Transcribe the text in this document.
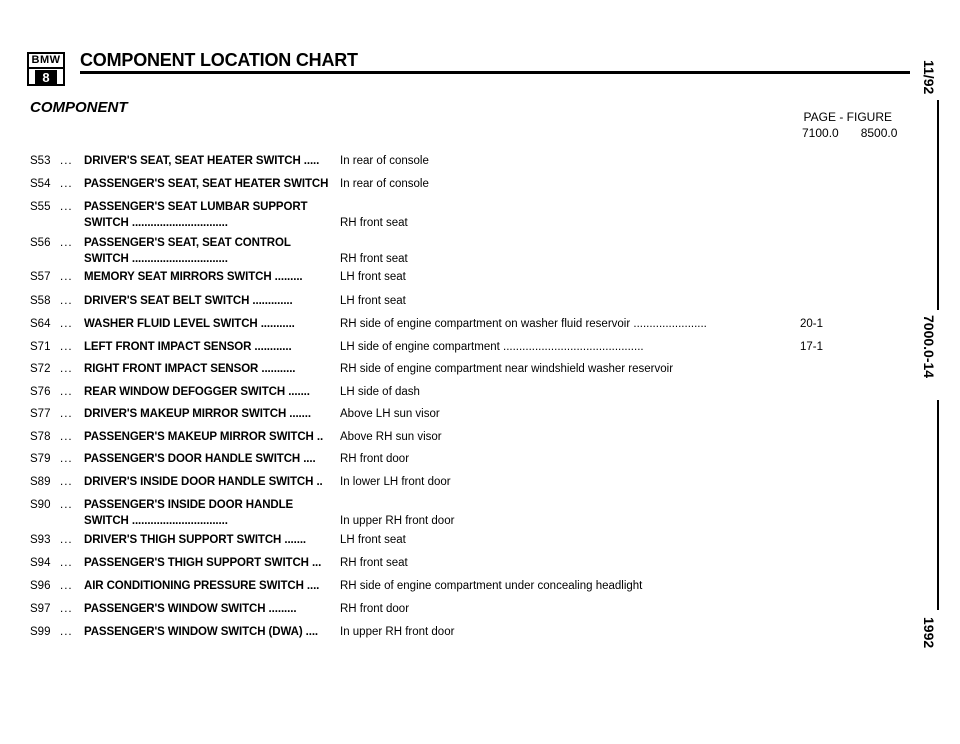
BMW
8
COMPONENT LOCATION CHART
COMPONENT
PAGE - FIGURE
7100.0 8500.0
S53 ... DRIVER'S SEAT, SEAT HEATER SWITCH ..... In rear of console
S54 ... PASSENGER'S SEAT, SEAT HEATER SWITCH In rear of console
S55 ... PASSENGER'S SEAT LUMBAR SUPPORT
SWITCH ...............................	RH front seat
S56 ... PASSENGER'S SEAT, SEAT CONTROL
SWITCH ...............................	RH front seat
S57 ... MEMORY SEAT MIRRORS SWITCH .........	LH front seat
S58 ... DRIVER'S SEAT BELT SWITCH .............	LH front seat
S64 ... WASHER FLUID LEVEL SWITCH ...........	RH side of engine compartment on washer fluid reservoir .......................	20-1
S71 ... LEFT FRONT IMPACT SENSOR ............	LH side of engine compartment ............................................	17-1
S72 ... RIGHT FRONT IMPACT SENSOR ...........	RH side of engine compartment near windshield washer reservoir
S76 ... REAR WINDOW DEFOGGER SWITCH .......	LH side of dash
S77 ... DRIVER'S MAKEUP MIRROR SWITCH .......	Above LH sun visor
S78 ... PASSENGER'S MAKEUP MIRROR SWITCH .. Above RH sun visor
S79 ... PASSENGER'S DOOR HANDLE SWITCH .... RH front door
S89 ... DRIVER'S INSIDE DOOR HANDLE SWITCH .. In lower LH front door
S90 ... PASSENGER'S INSIDE DOOR HANDLE
SWITCH ...............................	In upper RH front door
S93 ... DRIVER'S THIGH SUPPORT SWITCH .......	LH front seat
S94 ... PASSENGER'S THIGH SUPPORT SWITCH ... RH front seat
S96 ... AIR CONDITIONING PRESSURE SWITCH .... RH side of engine compartment under concealing headlight
S97 ... PASSENGER'S WINDOW SWITCH .........	RH front door
S99 ... PASSENGER'S WINDOW SWITCH (DWA) .... In upper RH front door
11/92
7000.0-14
1992
